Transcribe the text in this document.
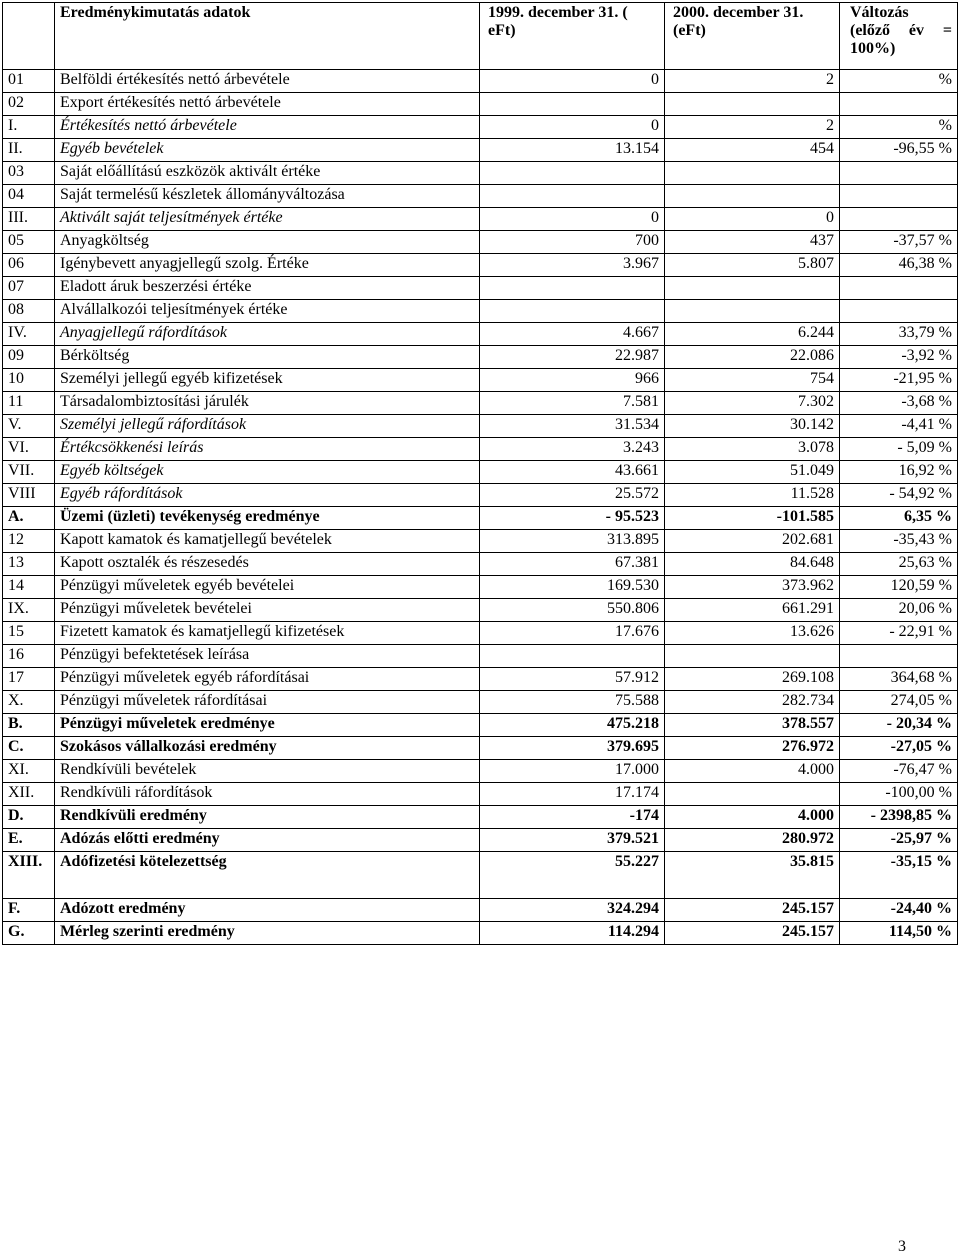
	Eredménykimutatás adatok	1999. december 31. ( eFt)	2000. december 31. (eFt)	Változás (előző év = 100%)
01	Belföldi értékesítés nettó árbevétele	0	2	%
02	Export értékesítés nettó árbevétele			
I.	Értékesítés nettó árbevétele	0	2	%
II.	Egyéb bevételek	13.154	454	-96,55 %
03	Saját előállítású eszközök aktivált értéke			
04	Saját termelésű készletek állományváltozása			
III.	Aktivált saját teljesítmények értéke	0	0	
05	Anyagköltség	700	437	-37,57 %
06	Igénybevett anyagjellegű szolg. Értéke	3.967	5.807	46,38 %
07	Eladott áruk beszerzési értéke			
08	Alvállalkozói teljesítmények értéke			
IV.	Anyagjellegű ráfordítások	4.667	6.244	33,79 %
09	Bérköltség	22.987	22.086	-3,92 %
10	Személyi jellegű egyéb kifizetések	966	754	-21,95 %
11	Társadalombiztosítási járulék	7.581	7.302	-3,68 %
V.	Személyi jellegű ráfordítások	31.534	30.142	-4,41 %
VI.	Értékcsökkenési leírás	3.243	3.078	- 5,09 %
VII.	Egyéb költségek	43.661	51.049	16,92 %
VIII	Egyéb ráfordítások	25.572	11.528	- 54,92 %
A.	Üzemi (üzleti) tevékenység eredménye	- 95.523	-101.585	6,35 %
12	Kapott kamatok és kamatjellegű bevételek	313.895	202.681	-35,43 %
13	Kapott osztalék és részesedés	67.381	84.648	25,63 %
14	Pénzügyi műveletek egyéb bevételei	169.530	373.962	120,59 %
IX.	Pénzügyi műveletek bevételei	550.806	661.291	20,06 %
15	Fizetett kamatok és kamatjellegű kifizetések	17.676	13.626	- 22,91 %
16	Pénzügyi befektetések leírása			
17	Pénzügyi műveletek egyéb ráfordításai	57.912	269.108	364,68 %
X.	Pénzügyi műveletek ráfordításai	75.588	282.734	274,05 %
B.	Pénzügyi műveletek eredménye	475.218	378.557	- 20,34 %
C.	Szokásos vállalkozási eredmény	379.695	276.972	-27,05 %
XI.	Rendkívüli bevételek	17.000	4.000	-76,47 %
XII.	Rendkívüli ráfordítások	17.174		-100,00 %
D.	Rendkívüli eredmény	-174	4.000	- 2398,85 %
E.	Adózás előtti eredmény	379.521	280.972	-25,97 %
XIII.	Adófizetési kötelezettség	55.227	35.815	-35,15 %
F.	Adózott eredmény	324.294	245.157	-24,40 %
G.	Mérleg szerinti eredmény	114.294	245.157	114,50 %
3
